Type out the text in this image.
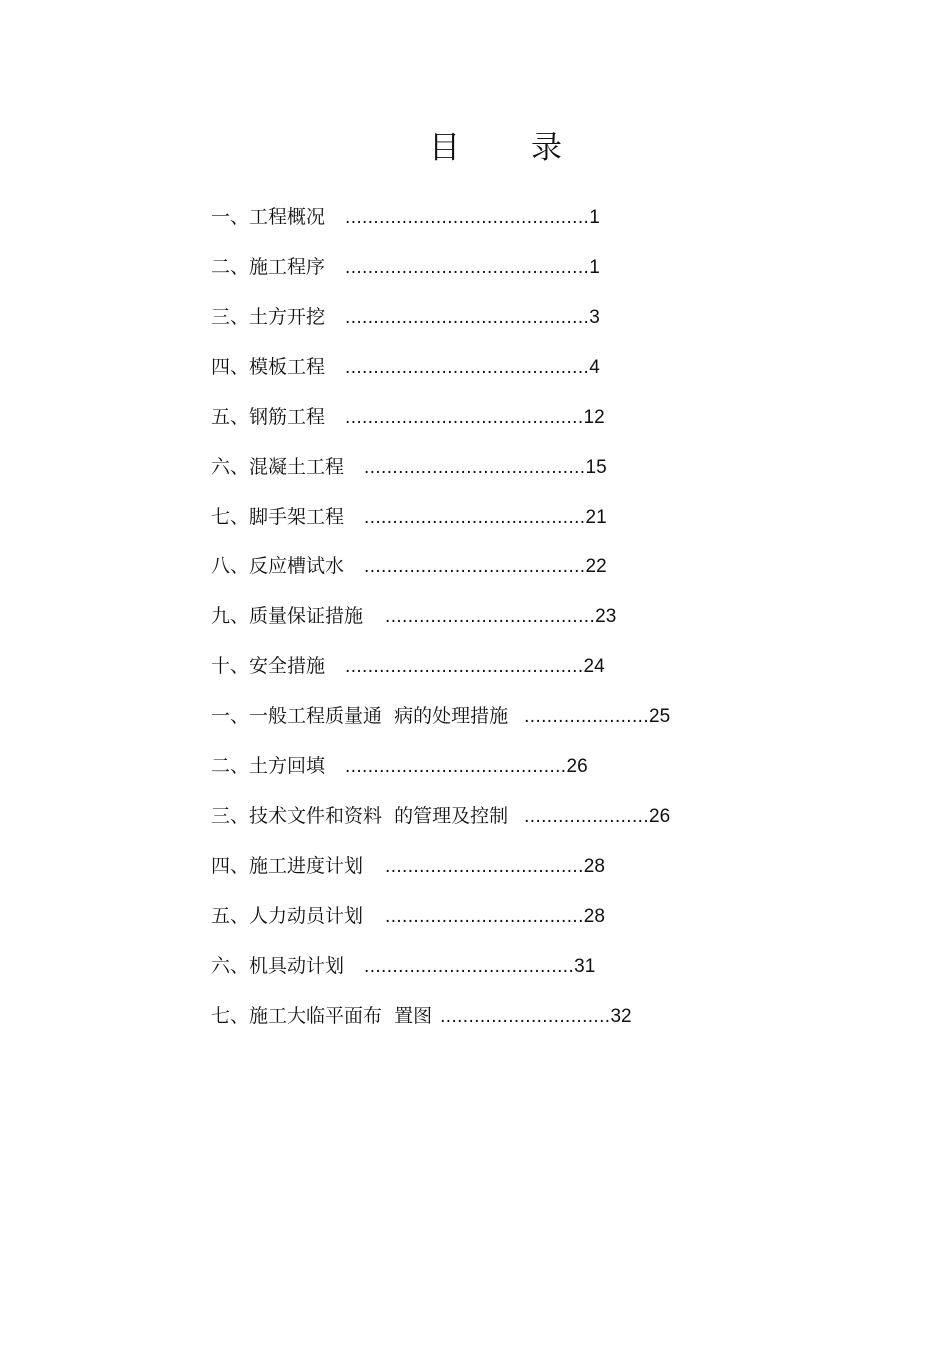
目 录
一、工程概况 ...........................................1
二、施工程序 ...........................................1
三、土方开挖 ...........................................3
四、模板工程 ...........................................4
五、钢筋工程 ..........................................12
六、混凝土工程 .......................................15
七、脚手架工程 .......................................21
八、反应槽试水 .......................................22
九、质量保证措施 .....................................23
十、安全措施 ..........................................24
一、一般工程质量通  病的处理措施 ......................25
二、土方回填 .......................................26
三、技术文件和资料  的管理及控制 ......................26
四、施工进度计划 ...................................28
五、人力动员计划 ...................................28
六、机具动计划 .....................................31
七、施工大临平面布  置图 ..............................32
